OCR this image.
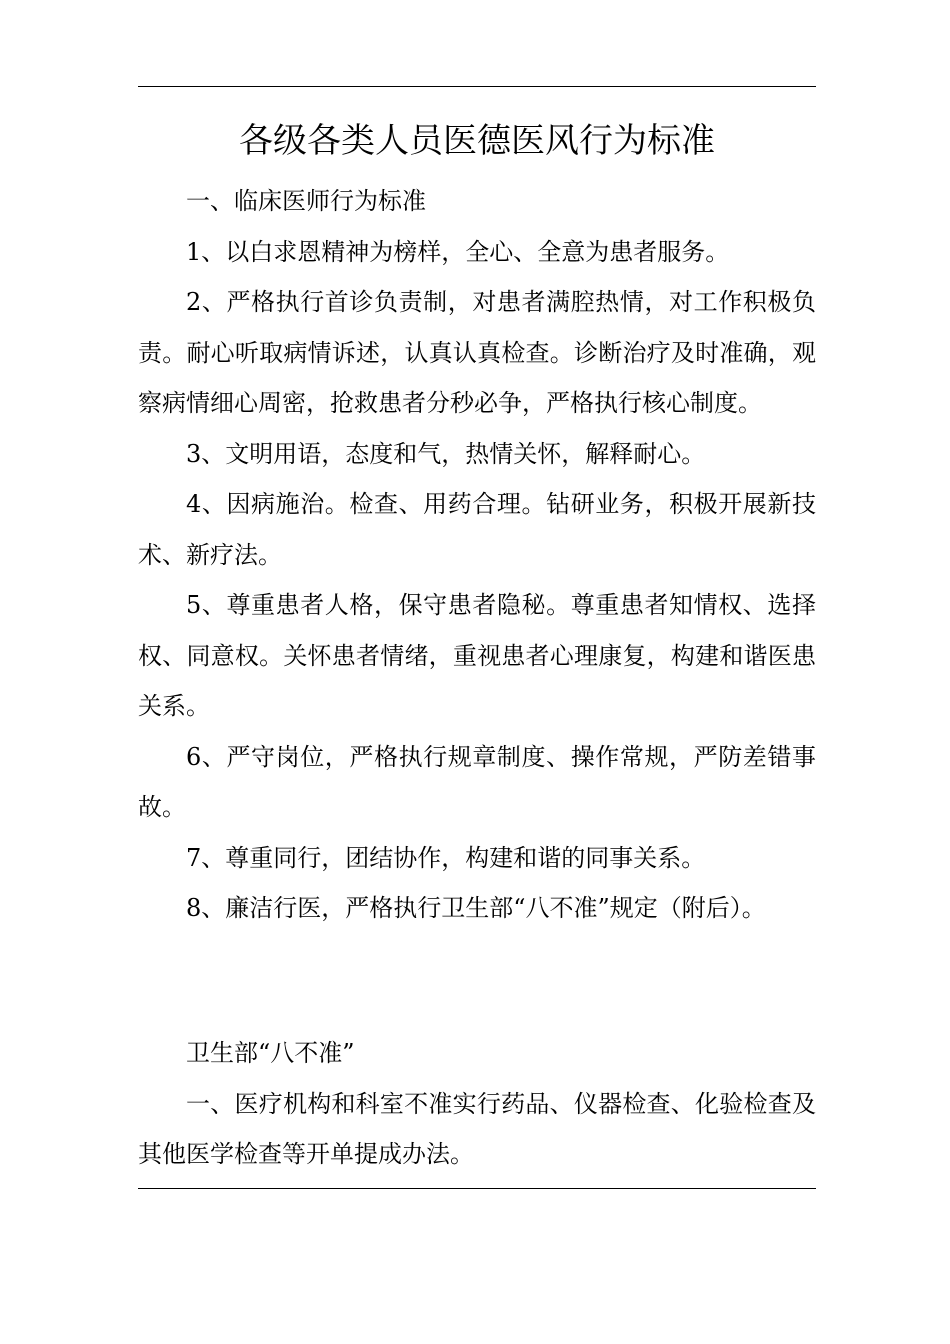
各级各类人员医德医风行为标准

一、临床医师行为标准

1、以白求恩精神为榜样，全心、全意为患者服务。

2、严格执行首诊负责制，对患者满腔热情，对工作积极负责。耐心听取病情诉述，认真认真检查。诊断治疗及时准确，观察病情细心周密，抢救患者分秒必争，严格执行核心制度。

3、文明用语，态度和气，热情关怀，解释耐心。

4、因病施治。检查、用药合理。钻研业务，积极开展新技术、新疗法。

5、尊重患者人格，保守患者隐秘。尊重患者知情权、选择权、同意权。关怀患者情绪，重视患者心理康复，构建和谐医患关系。

6、严守岗位，严格执行规章制度、操作常规，严防差错事故。

7、尊重同行，团结协作，构建和谐的同事关系。

8、廉洁行医，严格执行卫生部“八不准”规定（附后）。

卫生部“八不准”

一、医疗机构和科室不准实行药品、仪器检查、化验检查及其他医学检查等开单提成办法。
